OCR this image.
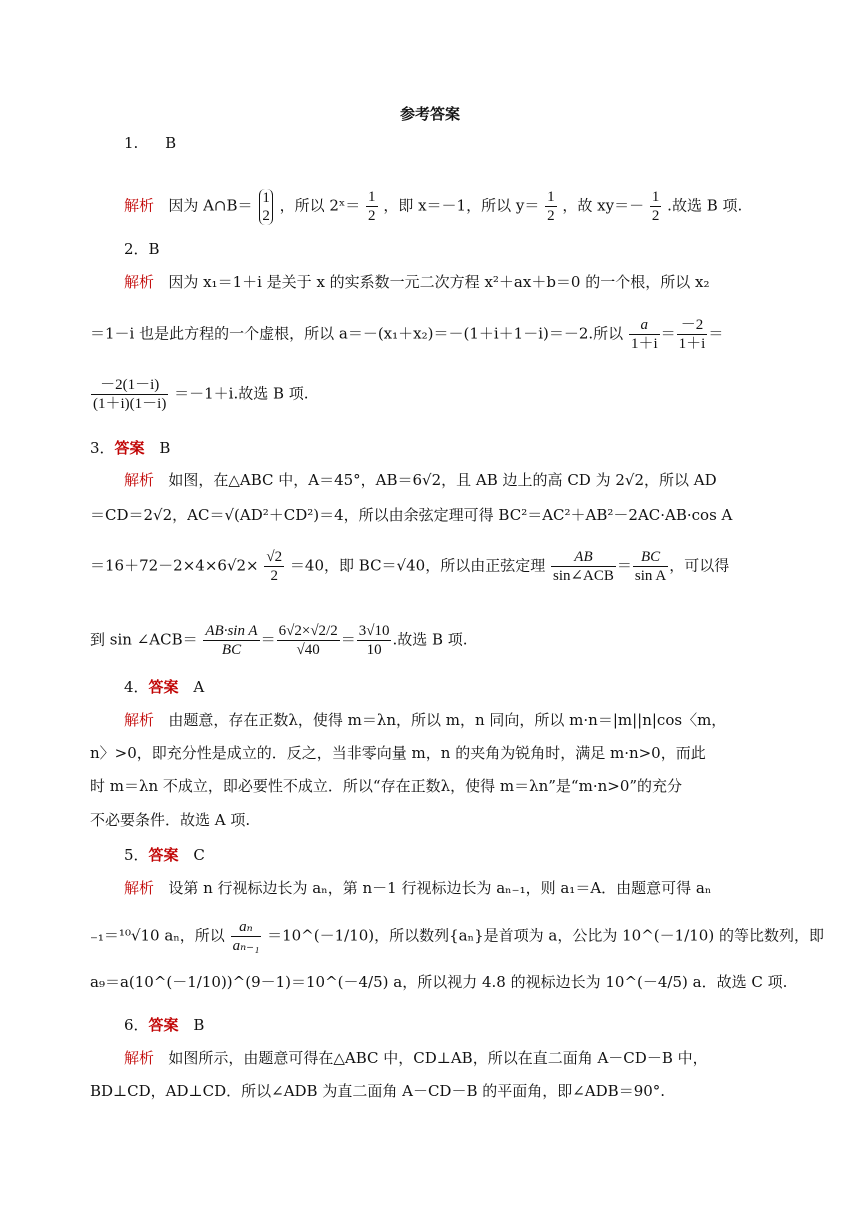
参考答案
1. B
解析 因为 A∩B＝ 1
2
，所以 2ˣ＝ $\frac{1}{2}$ ，即 x＝－1，所以 $y= \frac{1}{2}$ ，故 $xy=- \frac{1}{2}$ .故选 B 项.
2．B
解析 因为 x₁＝1＋i 是关于 x 的实系数一元二次方程 x²＋ax＋b＝0 的一个根，所以 x₂
＝1－i 也是此方程的一个虚根，所以 a＝－(x₁＋x₂)＝－(1＋i＋1－i)＝－2.所以 $\frac{a}{1+i} = \frac{-2}{1+i}$ ＝
$\frac{-2(1-i)}{(1+i)(1-i)} =-1+i$.故选 B 项.
3．答案 B
解析 如图，在△ABC 中，A＝45°，AB＝6√2，且 AB 边上的高 CD 为 2√2，所以 AD
＝CD＝2√2，AC＝√(AD²＋CD²)＝4，所以由余弦定理可得 BC²＝AC²＋AB²－2AC·AB·cos A
$=16+72-2\times 4\times 6√2\times \frac{√2}{2} =40$，即 BC＝√40，所以由正弦定理 $\frac{AB}{\text{sin∠ACB}} = \frac{BC}{\text{sin A}}$ ，可以得
到 sin ∠ACB＝ $\frac{\text{AB·sin A}}{BC} = \frac{6√2\times√2/2}{√40} = \frac{3√10}{10}$ .故选 B 项.
4．答案 A
解析 由题意，存在正数λ，使得 m＝λn，所以 m，n 同向，所以 m·n＝|m||n|cos〈m，
n〉>0，即充分性是成立的．反之，当非零向量 m，n 的夹角为锐角时，满足 m·n>0，而此
时 m＝λn 不成立，即必要性不成立．所以“存在正数λ，使得 m＝λn”是“m·n>0”的充分
不必要条件．故选 A 项.
5．答案 C
解析 设第 n 行视标边长为 aₙ，第 n－1 行视标边长为 aₙ₋₁，则 a₁＝A．由题意可得 aₙ
₋₁＝¹⁰√10 aₙ，所以 $\frac{\text{aₙ}}{\text{aₙ₋₁}}$ ＝10^(－1/10)，所以数列{aₙ}是首项为 a，公比为 10^(－1/10) 的等比数列，即
a₉＝a(10^(－1/10))^(9－1)＝10^(－4/5) a，所以视力 4.8 的视标边长为 10^(－4/5) a．故选 C 项.
6．答案 B
解析 如图所示，由题意可得在△ABC 中，CD⊥AB，所以在直二面角 A－CD－B 中，
BD⊥CD，AD⊥CD．所以∠ADB 为直二面角 A－CD－B 的平面角，即∠ADB＝90°.
